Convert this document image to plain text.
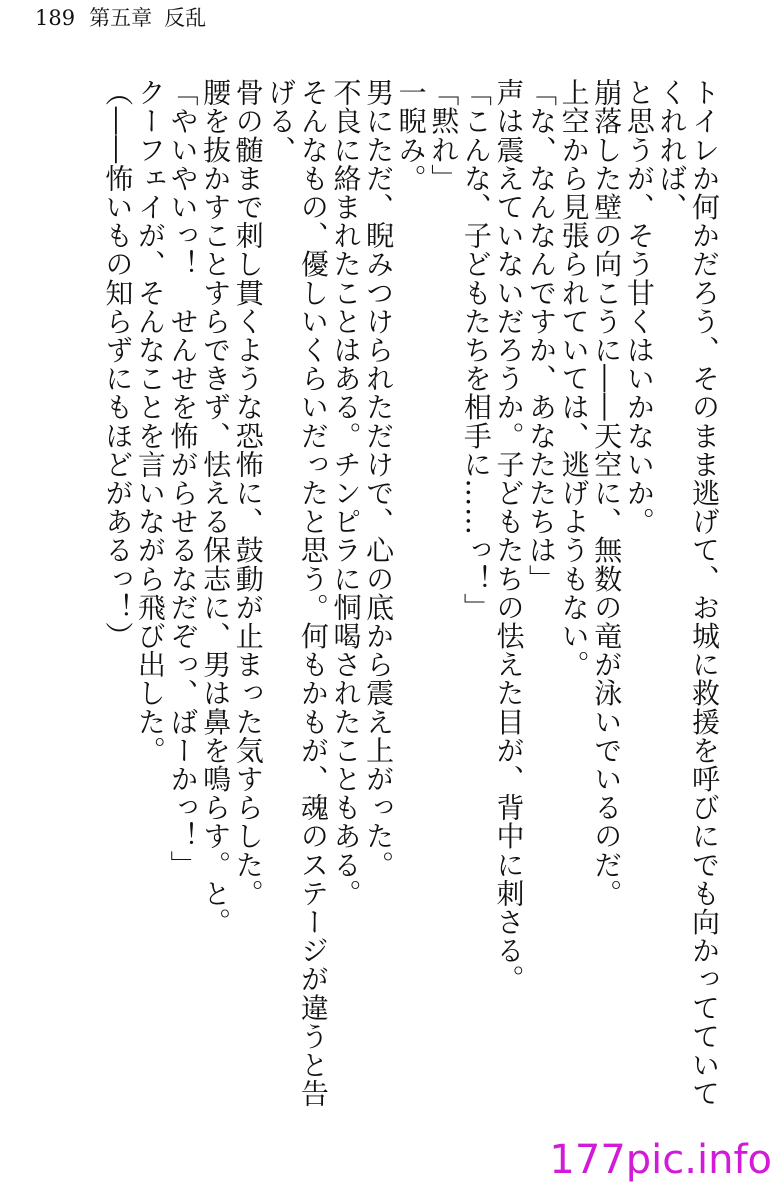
189 第五章 反乱

トイレか何かだろう、そのまま逃げて、お城に救援を呼びにでも向かってていてくれれば、

と思うが、そう甘くはいかないか。

崩落した壁の向こうに――天空に、無数の竜が泳いでいるのだ。

上空から見張られていては、逃げようもない。

「な、なんなんですか、あなたたちは」

声は震えていないだろうか。子どもたちの怯えた目が、背中に刺さる。

「こんな、子どもたちを相手に……っ！」

「黙れ」

一睨み。

男にただ、睨みつけられただけで、心の底から震え上がった。

不良に絡まれたことはある。チンピラに恫喝されたこともある。

そんなもの、優しいくらいだったと思う。何もかもが、魂のステージが違うと告げる、

骨の髄まで刺し貫くような恐怖に、鼓動が止まった気すらした。

腰を抜かすことすらできず、怯える保志に、男は鼻を鳴らす。と。

「やいやいっ！　せんせを怖がらせるなだぞっ、ばーかっ！」

クーフェイが、そんなことを言いながら飛び出した。

（――怖いもの知らずにもほどがあるっ！）

177pic.info
